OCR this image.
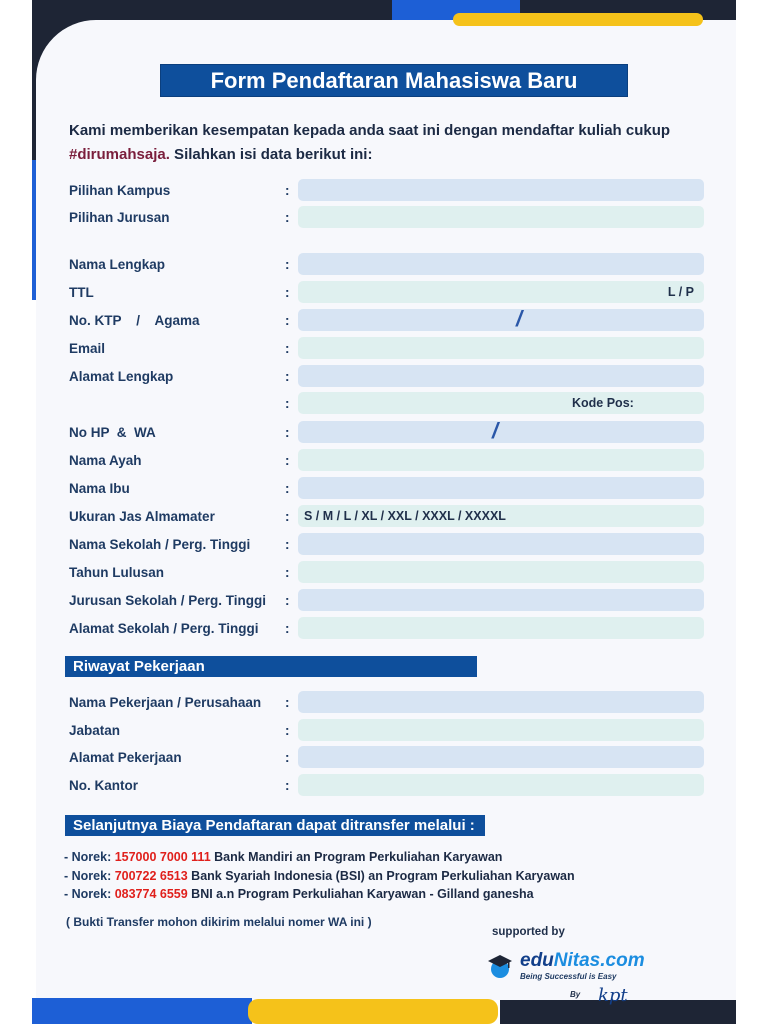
Form Pendaftaran Mahasiswa Baru
Kami memberikan kesempatan kepada anda saat ini dengan mendaftar kuliah cukup
#dirumahsaja. Silahkan isi data berikut ini:
Pilihan Kampus	:
Pilihan Jurusan	:
Nama Lengkap	:
TTL	:	L / P
No. KTP    /    Agama	:	/
Email	:
Alamat Lengkap	:
:	Kode Pos:
No HP  &  WA	:	/
Nama Ayah	:
Nama Ibu	:
Ukuran Jas Almamater	: S / M / L / XL / XXL / XXXL / XXXXL
Nama Sekolah / Perg. Tinggi	:
Tahun Lulusan	:
Jurusan Sekolah / Perg. Tinggi :
Alamat Sekolah / Perg. Tinggi :
Riwayat Pekerjaan
Nama Pekerjaan / Perusahaan :
Jabatan	:
Alamat Pekerjaan	:
No. Kantor	:
Selanjutnya Biaya Pendaftaran dapat ditransfer melalui :
- Norek: 157000 7000 111 Bank Mandiri an Program Perkuliahan Karyawan
- Norek: 700722 6513 Bank Syariah Indonesia (BSI) an Program Perkuliahan Karyawan
- Norek: 083774 6559 BNI a.n Program Perkuliahan Karyawan - Gilland ganesha
( Bukti Transfer mohon dikirim melalui nomer WA ini )
supported by
eduNitas.com
Being Successful is Easy
By kpt
